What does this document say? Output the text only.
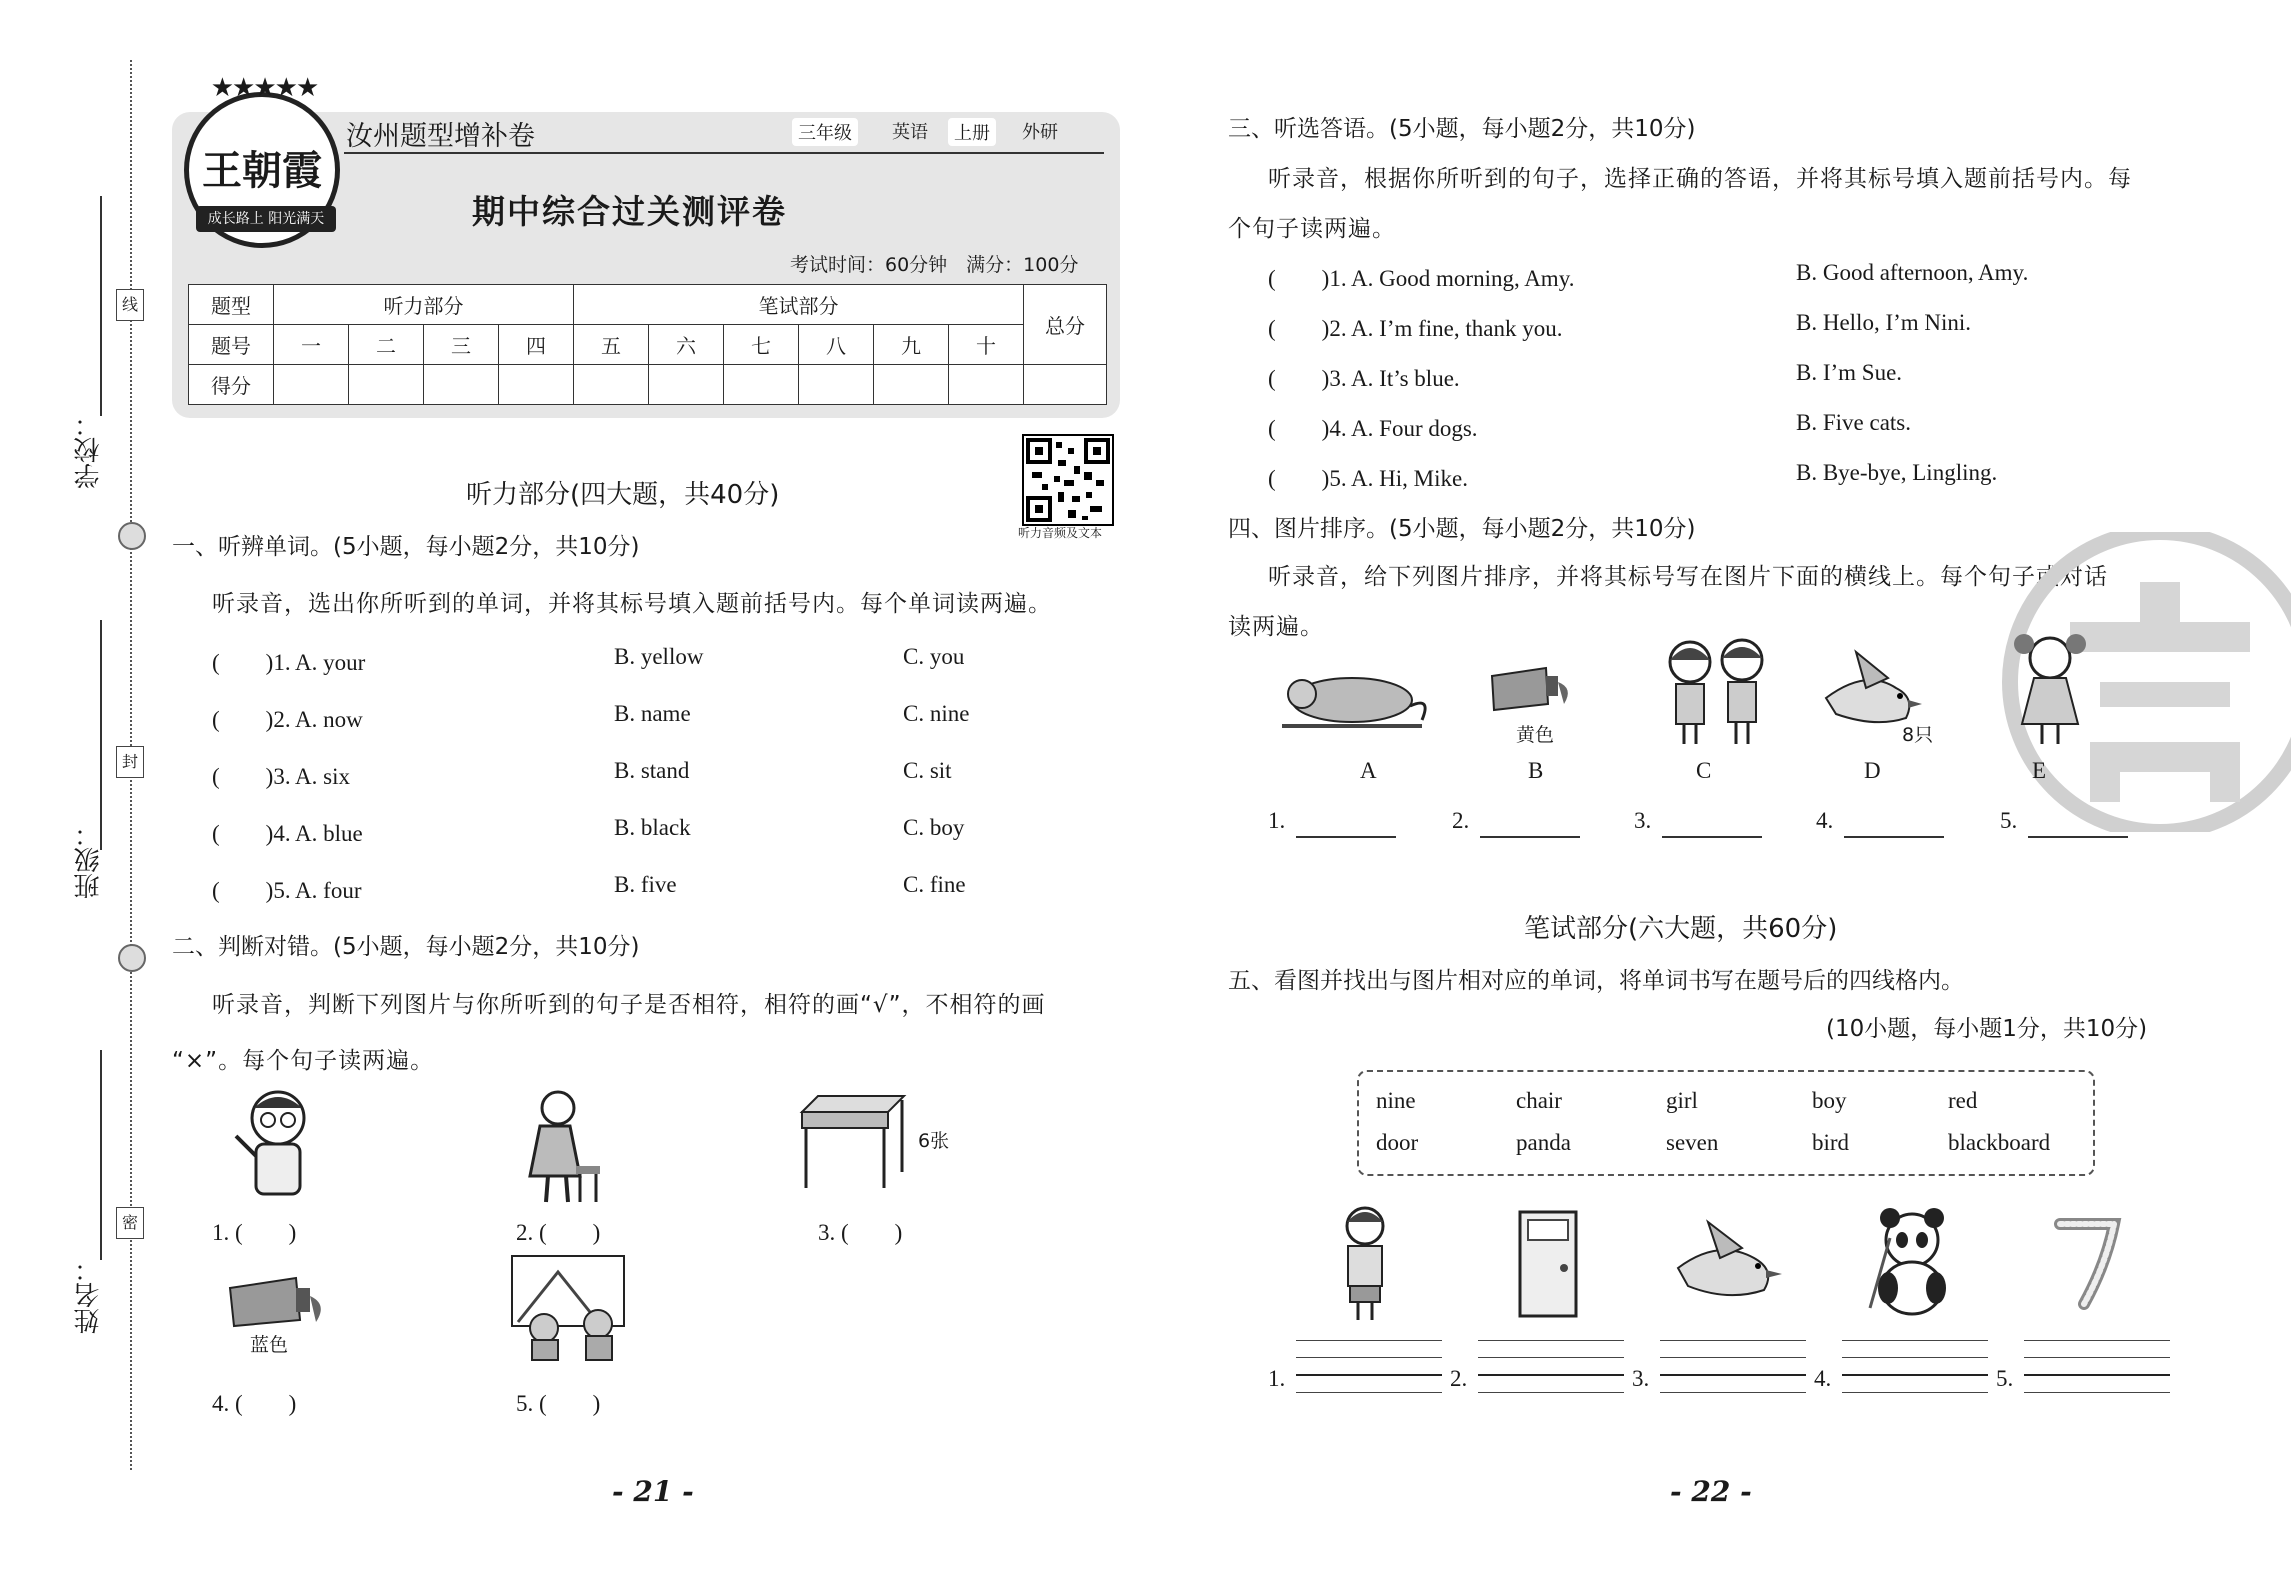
学校：
班级：
姓名：
线
封
密
王朝霞
★★★★★
成长路上 阳光满天
汝州题型增补卷	三年级	英语	上册	外研
期中综合过关测评卷
考试时间：60分钟　满分：100分
题型	听力部分				笔试部分						总分
题号	一	二	三	四	五	六	七	八	九	十	
得分											
听力音频及文本
听力部分(四大题，共40分)
一、听辨单词。(5小题，每小题2分，共10分)
听录音，选出你所听到的单词，并将其标号填入题前括号内。每个单词读两遍。
(　　)1. A. your	B. yellow	C. you
(　　)2. A. now	B. name	C. nine
(　　)3. A. six	B. stand	C. sit
(　　)4. A. blue	B. black	C. boy
(　　)5. A. four	B. five	C. fine
二、判断对错。(5小题，每小题2分，共10分)
听录音，判断下列图片与你所听到的句子是否相符，相符的画“√”，不相符的画
“×”。每个句子读两遍。
6张
1. (　　)	2. (　　)	3. (　　)
蓝色
4. (　　)	5. (　　)
- 21 -
三、听选答语。(5小题，每小题2分，共10分)
听录音，根据你所听到的句子，选择正确的答语，并将其标号填入题前括号内。每
个句子读两遍。
(　　)1. A. Good morning, Amy.	B. Good afternoon, Amy.
(　　)2. A. I’m fine, thank you.	B. Hello, I’m Nini.
(　　)3. A. It’s blue.	B. I’m Sue.
(　　)4. A. Four dogs.	B. Five cats.
(　　)5. A. Hi, Mike.	B. Bye-bye, Lingling.
四、图片排序。(5小题，每小题2分，共10分)
听录音，给下列图片排序，并将其标号写在图片下面的横线上。每个句子或对话
读两遍。
黄色	8只
A	B	C	D	E
1.	2.	3.	4.	5.
笔试部分(六大题，共60分)
五、看图并找出与图片相对应的单词，将单词书写在题号后的四线格内。
(10小题，每小题1分，共10分)
nine	chair	girl	boy	red
door	panda	seven	bird	blackboard
1.	2.	3.	4.	5.
- 22 -
